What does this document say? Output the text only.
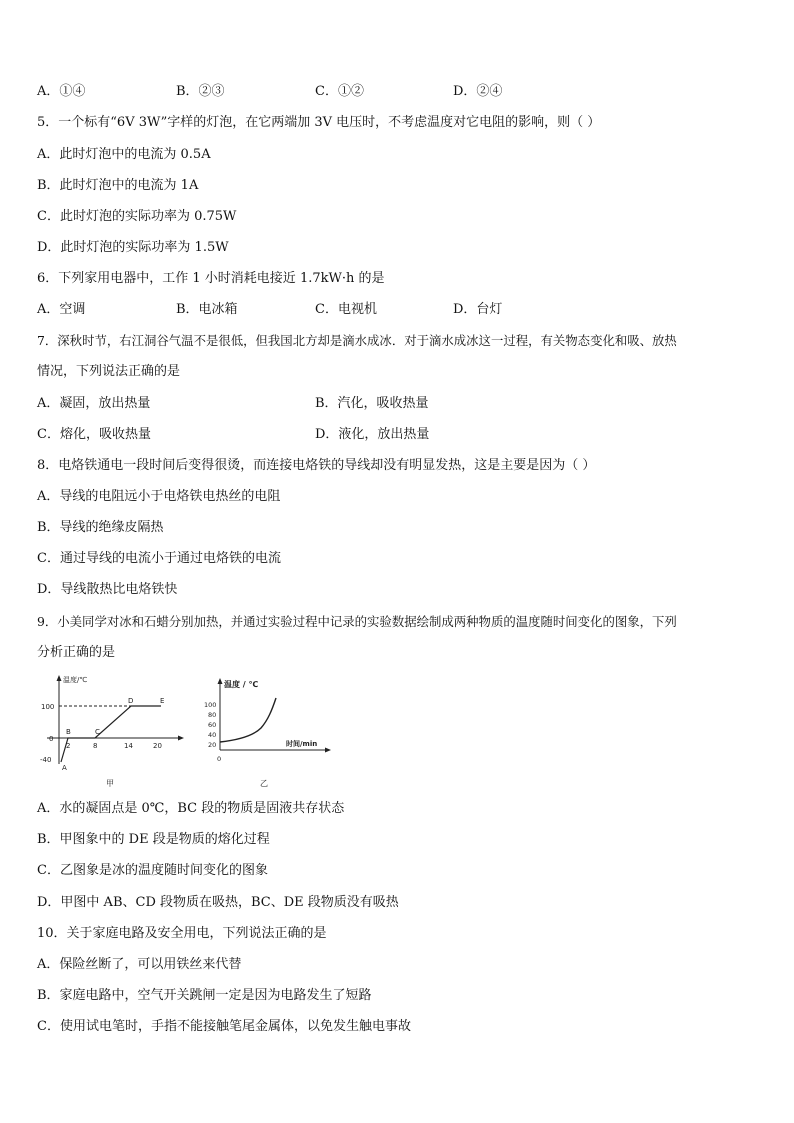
A．①④	B．②③	C．①②	D．②④
5．一个标有“6V 3W”字样的灯泡，在它两端加 3V 电压时，不考虑温度对它电阻的影响，则（ ）
A．此时灯泡中的电流为 0.5A
B．此时灯泡中的电流为 1A
C．此时灯泡的实际功率为 0.75W
D．此时灯泡的实际功率为 1.5W
6．下列家用电器中，工作 1 小时消耗电接近 1.7kW·h 的是
A．空调	B．电冰箱	C．电视机	D．台灯
7．深秋时节，右江洞谷气温不是很低，但我国北方却是滴水成冰．对于滴水成冰这一过程，有关物态变化和吸、放热
情况，下列说法正确的是
A．凝固，放出热量	B．汽化，吸收热量
C．熔化，吸收热量	D．液化，放出热量
8．电烙铁通电一段时间后变得很烫，而连接电烙铁的导线却没有明显发热，这是主要是因为（ ）
A．导线的电阻远小于电烙铁电热丝的电阻
B．导线的绝缘皮隔热
C．通过导线的电流小于通过电烙铁的电流
D．导线散热比电烙铁快
9．小美同学对冰和石蜡分别加热，并通过实验过程中记录的实验数据绘制成两种物质的温度随时间变化的图象，下列
分析正确的是
温度/℃
100
0
-40
2	8	14	20
A
B	C
D	E
甲
温度 / ℃
100
80
60
40
20
0
时间/min
乙
A．水的凝固点是 0℃，BC 段的物质是固液共存状态
B．甲图象中的 DE 段是物质的熔化过程
C．乙图象是冰的温度随时间变化的图象
D．甲图中 AB、CD 段物质在吸热，BC、DE 段物质没有吸热
10．关于家庭电路及安全用电，下列说法正确的是
A．保险丝断了，可以用铁丝来代替
B．家庭电路中，空气开关跳闸一定是因为电路发生了短路
C．使用试电笔时，手指不能接触笔尾金属体，以免发生触电事故
